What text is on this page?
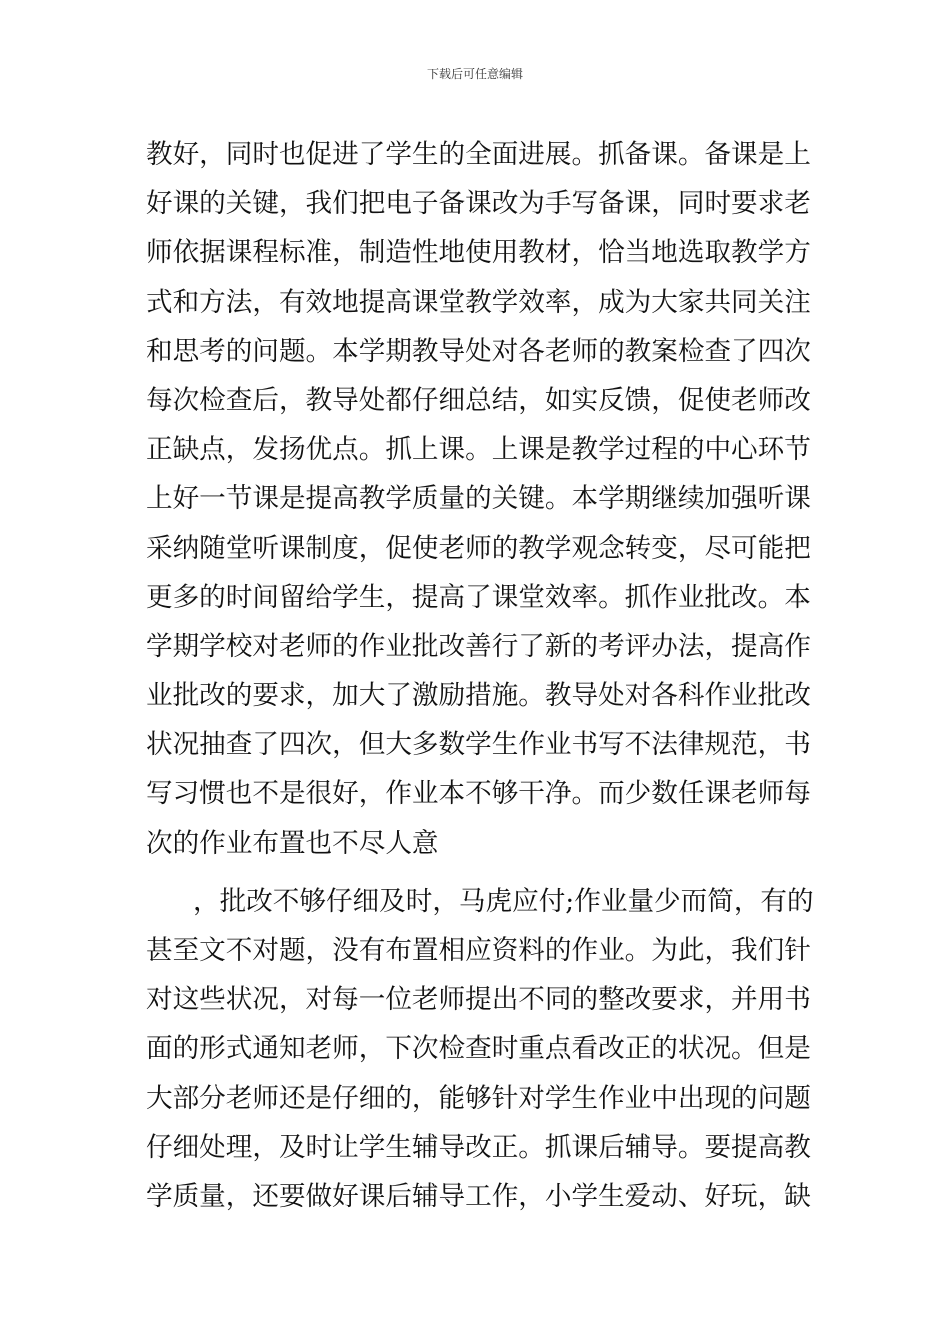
下载后可任意编辑
教好，同时也促进了学生的全面进展。抓备课。备课是上
好课的关键，我们把电子备课改为手写备课，同时要求老
师依据课程标准，制造性地使用教材，恰当地选取教学方
式和方法，有效地提高课堂教学效率，成为大家共同关注
和思考的问题。本学期教导处对各老师的教案检查了四次
每次检查后，教导处都仔细总结，如实反馈，促使老师改
正缺点，发扬优点。抓上课。上课是教学过程的中心环节
上好一节课是提高教学质量的关键。本学期继续加强听课
采纳随堂听课制度，促使老师的教学观念转变，尽可能把
更多的时间留给学生，提高了课堂效率。抓作业批改。本
学期学校对老师的作业批改善行了新的考评办法，提高作
业批改的要求，加大了激励措施。教导处对各科作业批改
状况抽查了四次，但大多数学生作业书写不法律规范，书
写习惯也不是很好，作业本不够干净。而少数任课老师每
次的作业布置也不尽人意
，批改不够仔细及时，马虎应付;作业量少而简，有的
甚至文不对题，没有布置相应资料的作业。为此，我们针
对这些状况，对每一位老师提出不同的整改要求，并用书
面的形式通知老师，下次检查时重点看改正的状况。但是
大部分老师还是仔细的，能够针对学生作业中出现的问题
仔细处理，及时让学生辅导改正。抓课后辅导。要提高教
学质量，还要做好课后辅导工作，小学生爱动、好玩，缺
